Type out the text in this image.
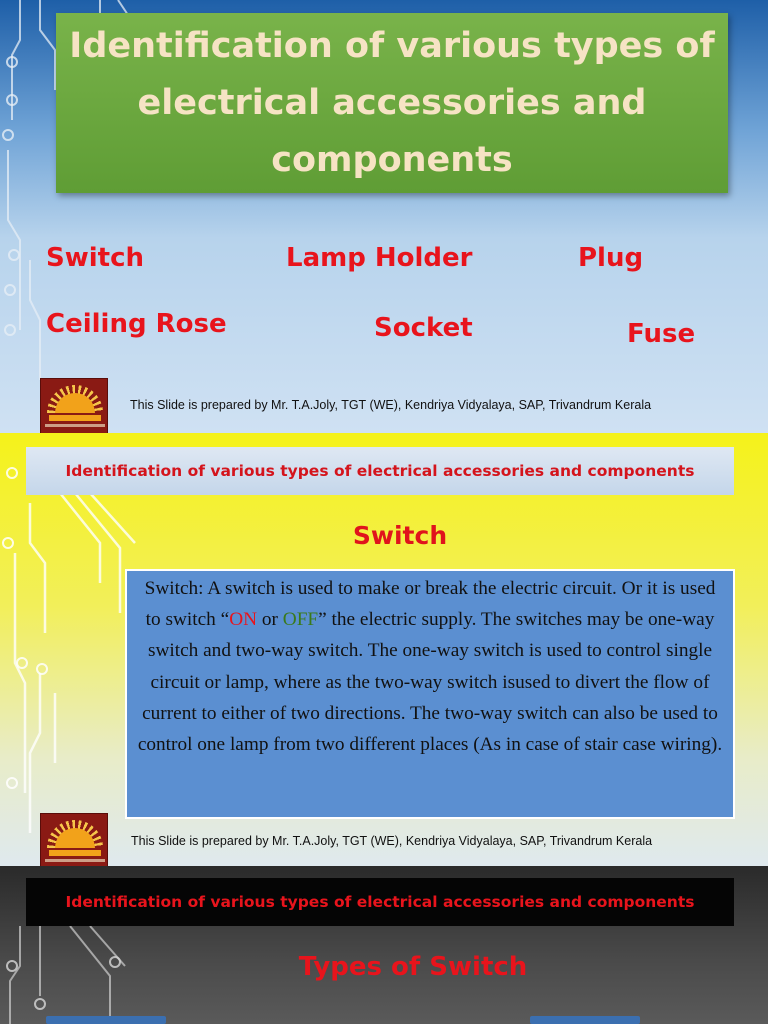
Identification of various types of electrical accessories and components
Switch	Lamp Holder	Plug
Ceiling Rose	Socket	Fuse
This Slide is prepared by Mr. T.A.Joly, TGT (WE), Kendriya Vidyalaya, SAP, Trivandrum Kerala
Identification of various types of electrical accessories and components
Switch
Switch: A switch is used to make or break the electric circuit. Or it is used to switch “ON or OFF” the electric supply. The switches may be one-way switch and two-way switch. The one-way switch is used to control single circuit or lamp, where as the two-way switch isused to divert the flow of current to either of two directions. The two-way switch can also be used to control one lamp from two different places (As in case of stair case wiring).
This Slide is prepared by Mr. T.A.Joly, TGT (WE), Kendriya Vidyalaya, SAP, Trivandrum Kerala
Identification of various types of electrical accessories and components
Types of Switch
